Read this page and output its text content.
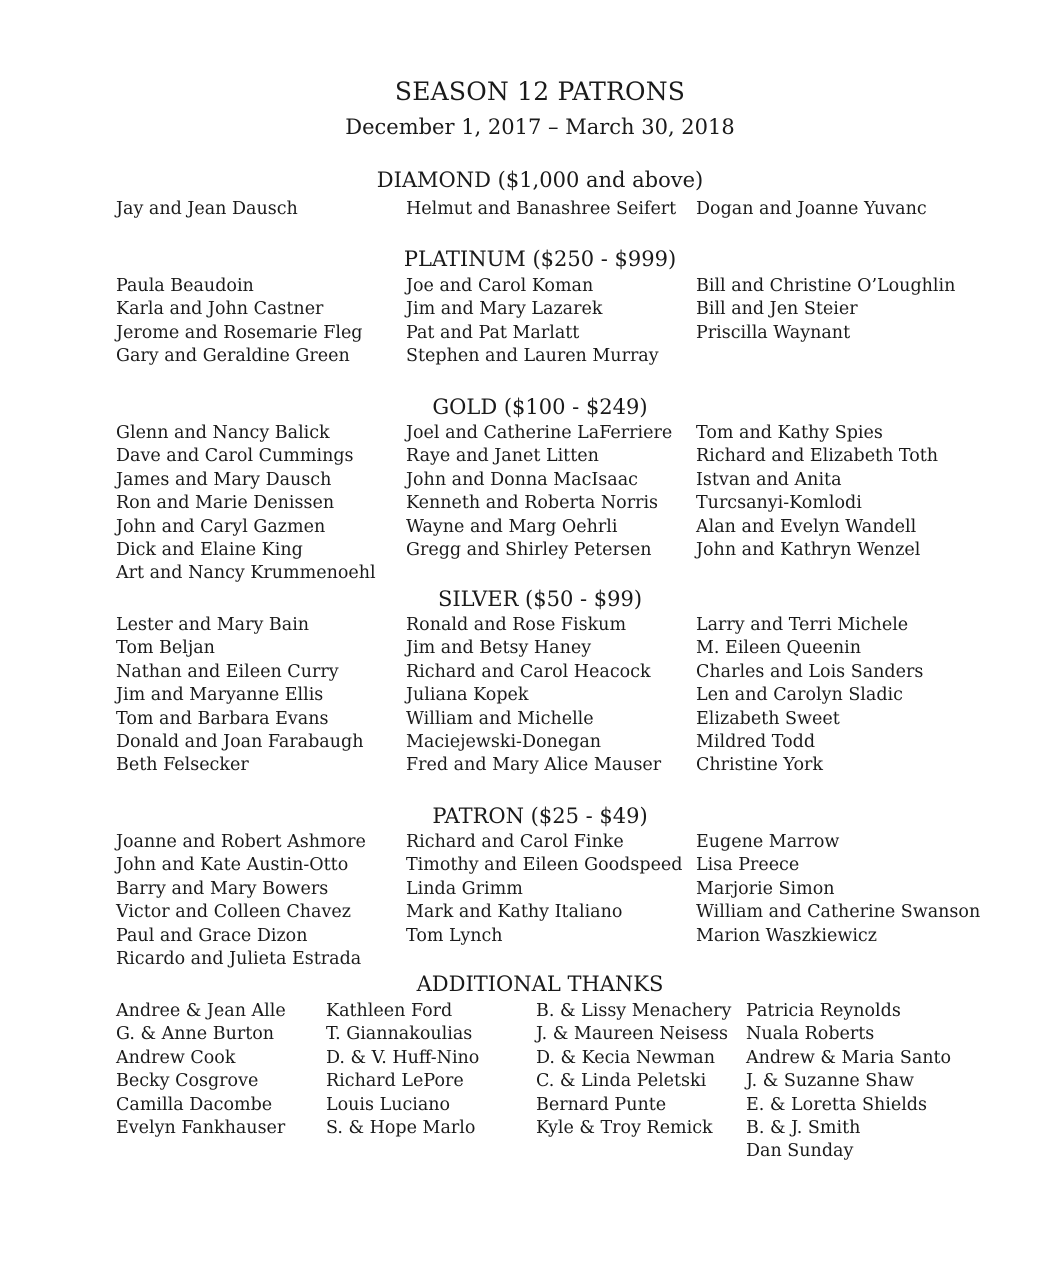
SEASON 12 PATRONS
December 1, 2017 – March 30, 2018
DIAMOND ($1,000 and above)
Jay and Jean Dausch	Helmut and Banashree Seifert Dogan and Joanne Yuvanc
PLATINUM ($250 - $999)
Paula Beaudoin
Karla and John Castner
Jerome and Rosemarie Fleg
Gary and Geraldine Green
Joe and Carol Koman
Jim and Mary Lazarek
Pat and Pat Marlatt
Stephen and Lauren Murray
Bill and Christine O’Loughlin
Bill and Jen Steier
Priscilla Waynant
GOLD ($100 - $249)
Glenn and Nancy Balick
Dave and Carol Cummings
James and Mary Dausch
Ron and Marie Denissen
John and Caryl Gazmen
Dick and Elaine King
Art and Nancy Krummenoehl
Joel and Catherine LaFerriere
Raye and Janet Litten
John and Donna MacIsaac
Kenneth and Roberta Norris
Wayne and Marg Oehrli
Gregg and Shirley Petersen
Tom and Kathy Spies
Richard and Elizabeth Toth
Istvan and Anita
Turcsanyi-Komlodi
Alan and Evelyn Wandell
John and Kathryn Wenzel
SILVER ($50 - $99)
Lester and Mary Bain
Tom Beljan
Nathan and Eileen Curry
Jim and Maryanne Ellis
Tom and Barbara Evans
Donald and Joan Farabaugh
Beth Felsecker
Ronald and Rose Fiskum
Jim and Betsy Haney
Richard and Carol Heacock
Juliana Kopek
William and Michelle
Maciejewski-Donegan
Fred and Mary Alice Mauser
Larry and Terri Michele
M. Eileen Queenin
Charles and Lois Sanders
Len and Carolyn Sladic
Elizabeth Sweet
Mildred Todd
Christine York
PATRON ($25 - $49)
Joanne and Robert Ashmore
John and Kate Austin-Otto
Barry and Mary Bowers
Victor and Colleen Chavez
Paul and Grace Dizon
Ricardo and Julieta Estrada
Richard and Carol Finke
Timothy and Eileen Goodspeed
Linda Grimm
Mark and Kathy Italiano
Tom Lynch
Eugene Marrow
Lisa Preece
Marjorie Simon
William and Catherine Swanson
Marion Waszkiewicz
ADDITIONAL THANKS
Andree & Jean Alle
G. & Anne Burton
Andrew Cook
Becky Cosgrove
Camilla Dacombe
Evelyn Fankhauser
Kathleen Ford
T. Giannakoulias
D. & V. Huff-Nino
Richard LePore
Louis Luciano
S. & Hope Marlo
B. & Lissy Menachery
J. & Maureen Neisess
D. & Kecia Newman
C. & Linda Peletski
Bernard Punte
Kyle & Troy Remick
Patricia Reynolds
Nuala Roberts
Andrew & Maria Santo
J. & Suzanne Shaw
E. & Loretta Shields
B. & J. Smith
Dan Sunday
